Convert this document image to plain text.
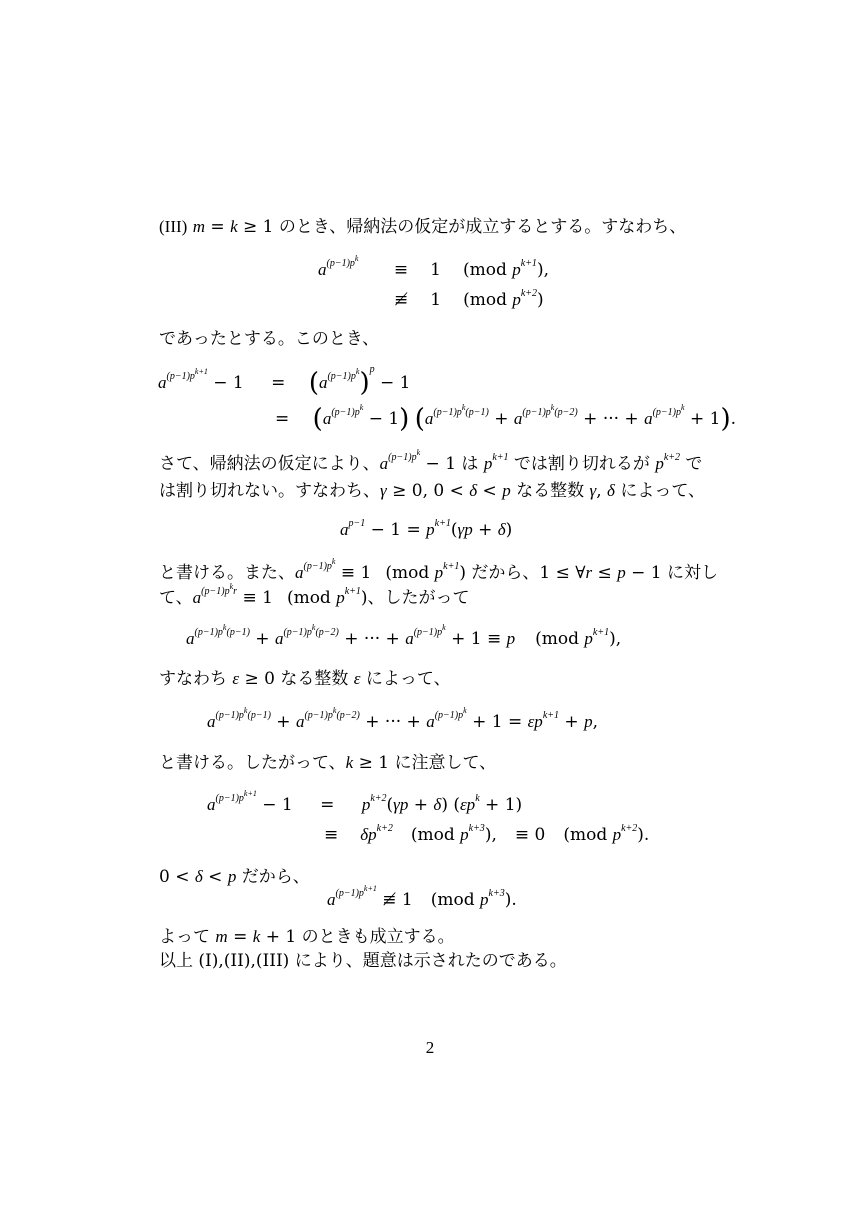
(III) m = k ≥ 1 のとき、帰納法の仮定が成立するとする。すなわち、
$a^{(p-1)p^k} \equiv 1$ (mod $p^{k+1}$),
≢ 1 (mod $p^{k+2}$)
であったとする。このとき、
$a^{(p-1)p^{k+1}} - 1 = (a^{(p-1)p^k})^p - 1$
= $(a^{(p-1)p^k} - 1) (a^{(p-1)p^k(p-1)} + a^{(p-1)p^k(p-2)}$ + ··· + $a^{(p-1)p^k} + 1$).
さて、帰納法の仮定により、$a^{(p-1)p^k} - 1$ は $p^{k+1}$ では割り切れるが $p^{k+2}$ で
は割り切れない。すなわち、γ ≥ 0, 0 < δ < p なる整数 γ, δ によって、
$a^{p-1} - 1 = p^{k+1}(\gamma p + \delta)$
と書ける。また、$a^{(p-1)p^k} \equiv 1$ (mod $p^{k+1}$) だから、1 ≤ ∀r ≤ p − 1 に対し
て、$a^{(p-1)p^kr} \equiv 1$ (mod $p^{k+1}$)、したがって
$a^{(p-1)p^k(p-1)} + a^{(p-1)p^k(p-2)}$ + ··· + $a^{(p-1)p^k} + 1 \equiv p$ (mod $p^{k+1}$),
すなわち ε ≥ 0 なる整数 ε によって、
$a^{(p-1)p^k(p-1)} + a^{(p-1)p^k(p-2)}$ + ··· + $a^{(p-1)p^k} + 1 = \varepsilon p^{k+1} + p$,
と書ける。したがって、k ≥ 1 に注意して、
$a^{(p-1)p^{k+1}} - 1 = p^{k+2}(\gamma p + \delta) (\varepsilon p^k + 1)$
≡ $\delta p^{k+2}$ (mod $p^{k+3}$), ≡ 0 (mod $p^{k+2}$).
0 < δ < p だから、
$a^{(p-1)p^{k+1}}$ ≢ 1 (mod $p^{k+3}$).
よって m = k + 1 のときも成立する。
以上 (I),(II),(III) により、題意は示されたのである。
2
